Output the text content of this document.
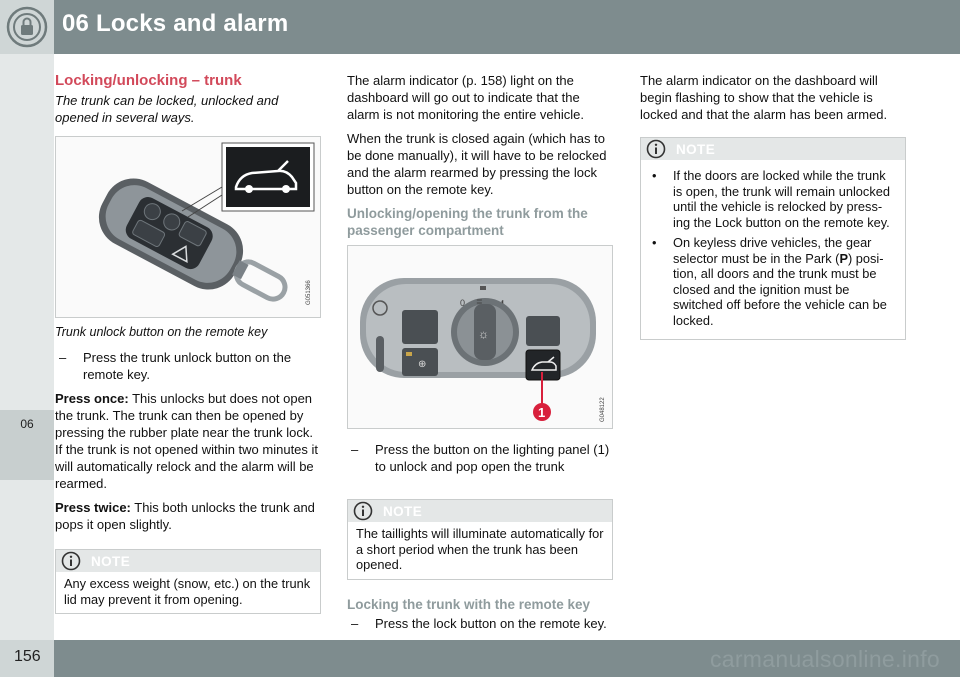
06 Locks and alarm
06
Locking/unlocking – trunk

The trunk can be locked, unlocked and opened in several ways.

G051366

Trunk unlock button on the remote key

–	Press the trunk unlock button on the remote key.

Press once: This unlocks but does not open the trunk. The trunk can then be opened by pressing the rubber plate near the trunk lock. If the trunk is not opened within two minutes it will automatically relock and the alarm will be rearmed.

Press twice: This both unlocks the trunk and pops it open slightly.

NOTE
Any excess weight (snow, etc.) on the trunk lid may prevent it from opening.

The alarm indicator (p. 158) light on the dashboard will go out to indicate that the alarm is not monitoring the entire vehicle.

When the trunk is closed again (which has to be done manually), it will have to be relocked and the alarm rearmed by pressing the lock button on the remote key.

Unlocking/opening the trunk from the passenger compartment
⊕
☼
0 ≣ ◖
1	G048122
–	Press the button on the lighting panel (1) to unlock and pop open the trunk
NOTE
The taillights will illuminate automatically for a short period when the trunk has been opened.
Locking the trunk with the remote key
–	Press the lock button on the remote key.

The alarm indicator on the dashboard will begin flashing to show that the vehicle is locked and that the alarm has been armed.

NOTE
•	If the doors are locked while the trunk is open, the trunk will remain unlocked until the vehicle is relocked by press-ing the Lock button on the remote key.
•	On keyless drive vehicles, the gear selector must be in the Park (P) posi-tion, all doors and the trunk must be closed and the ignition must be switched off before the vehicle can be locked.
156	carmanualsonline.info
